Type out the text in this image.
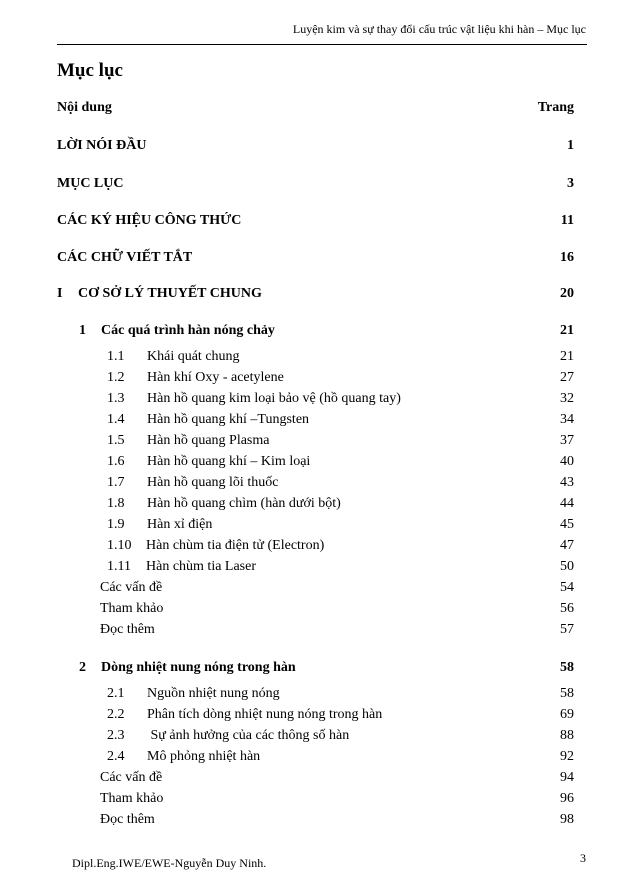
Luyện kim và sự thay đổi cấu trúc vật liệu khi hàn – Mục lục
Mục lục
Nội dung	Trang
LỜI NÓI ĐẦU	1
MỤC LỤC	3
CÁC KÝ HIỆU CÔNG THỨC	11
CÁC CHỮ VIẾT TẮT	16
I CƠ SỞ LÝ THUYẾT CHUNG	20
1 Các quá trình hàn nóng chảy	21
1.1 Khái quát chung	21
1.2 Hàn khí Oxy - acetylene	27
1.3 Hàn hồ quang kim loại bảo vệ (hồ quang tay)	32
1.4 Hàn hồ quang khí –Tungsten	34
1.5 Hàn hồ quang Plasma	37
1.6 Hàn hồ quang khí – Kim loại	40
1.7 Hàn hồ quang lõi thuốc	43
1.8 Hàn hồ quang chìm (hàn dưới bột)	44
1.9 Hàn xỉ điện	45
1.10 Hàn chùm tia điện tử (Electron)	47
1.11 Hàn chùm tia Laser	50
Các vấn đề	54
Tham khảo	56
Đọc thêm	57
2 Dòng nhiệt nung nóng trong hàn	58
2.1 Nguồn nhiệt nung nóng	58
2.2 Phân tích dòng nhiệt nung nóng trong hàn	69
2.3 Sự ảnh hưởng của các thông số hàn	88
2.4 Mô phỏng nhiệt hàn	92
Các vấn đề	94
Tham khảo	96
Đọc thêm	98
Dipl.Eng.IWE/EWE-Nguyễn Duy Ninh.	3
